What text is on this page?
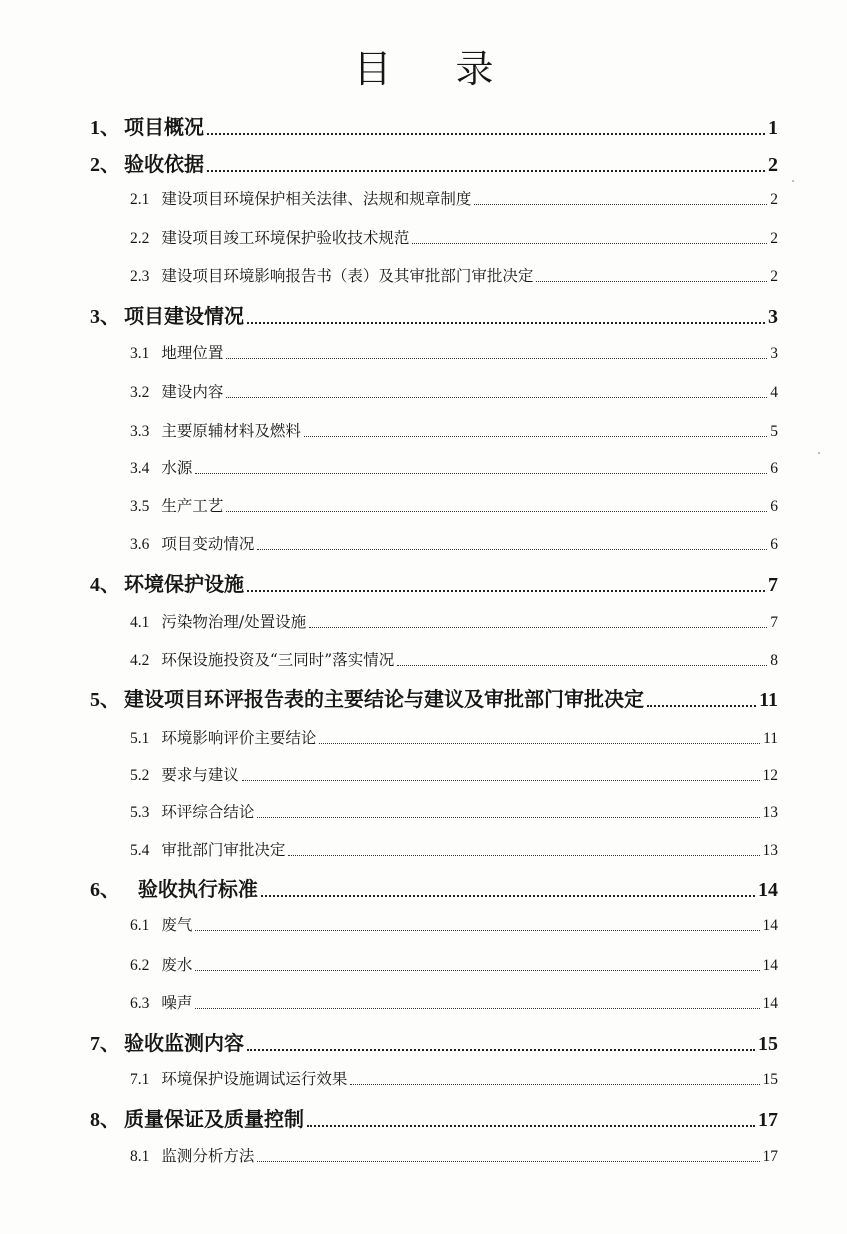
目 录
1、 项目概况	1
2、 验收依据	2
2.1 建设项目环境保护相关法律、法规和规章制度	2
2.2 建设项目竣工环境保护验收技术规范	2
2.3 建设项目环境影响报告书（表）及其审批部门审批决定	2
3、 项目建设情况	3
3.1 地理位置	3
3.2 建设内容	4
3.3 主要原辅材料及燃料	5
3.4 水源	6
3.5 生产工艺	6
3.6 项目变动情况	6
4、 环境保护设施	7
4.1 污染物治理/处置设施	7
4.2 环保设施投资及“三同时”落实情况	8
5、 建设项目环评报告表的主要结论与建议及审批部门审批决定	11
5.1 环境影响评价主要结论	11
5.2 要求与建议	12
5.3 环评综合结论	13
5.4 审批部门审批决定	13
6、  验收执行标准	14
6.1 废气	14
6.2 废水	14
6.3 噪声	14
7、 验收监测内容	15
7.1 环境保护设施调试运行效果	15
8、 质量保证及质量控制	17
8.1 监测分析方法	17
